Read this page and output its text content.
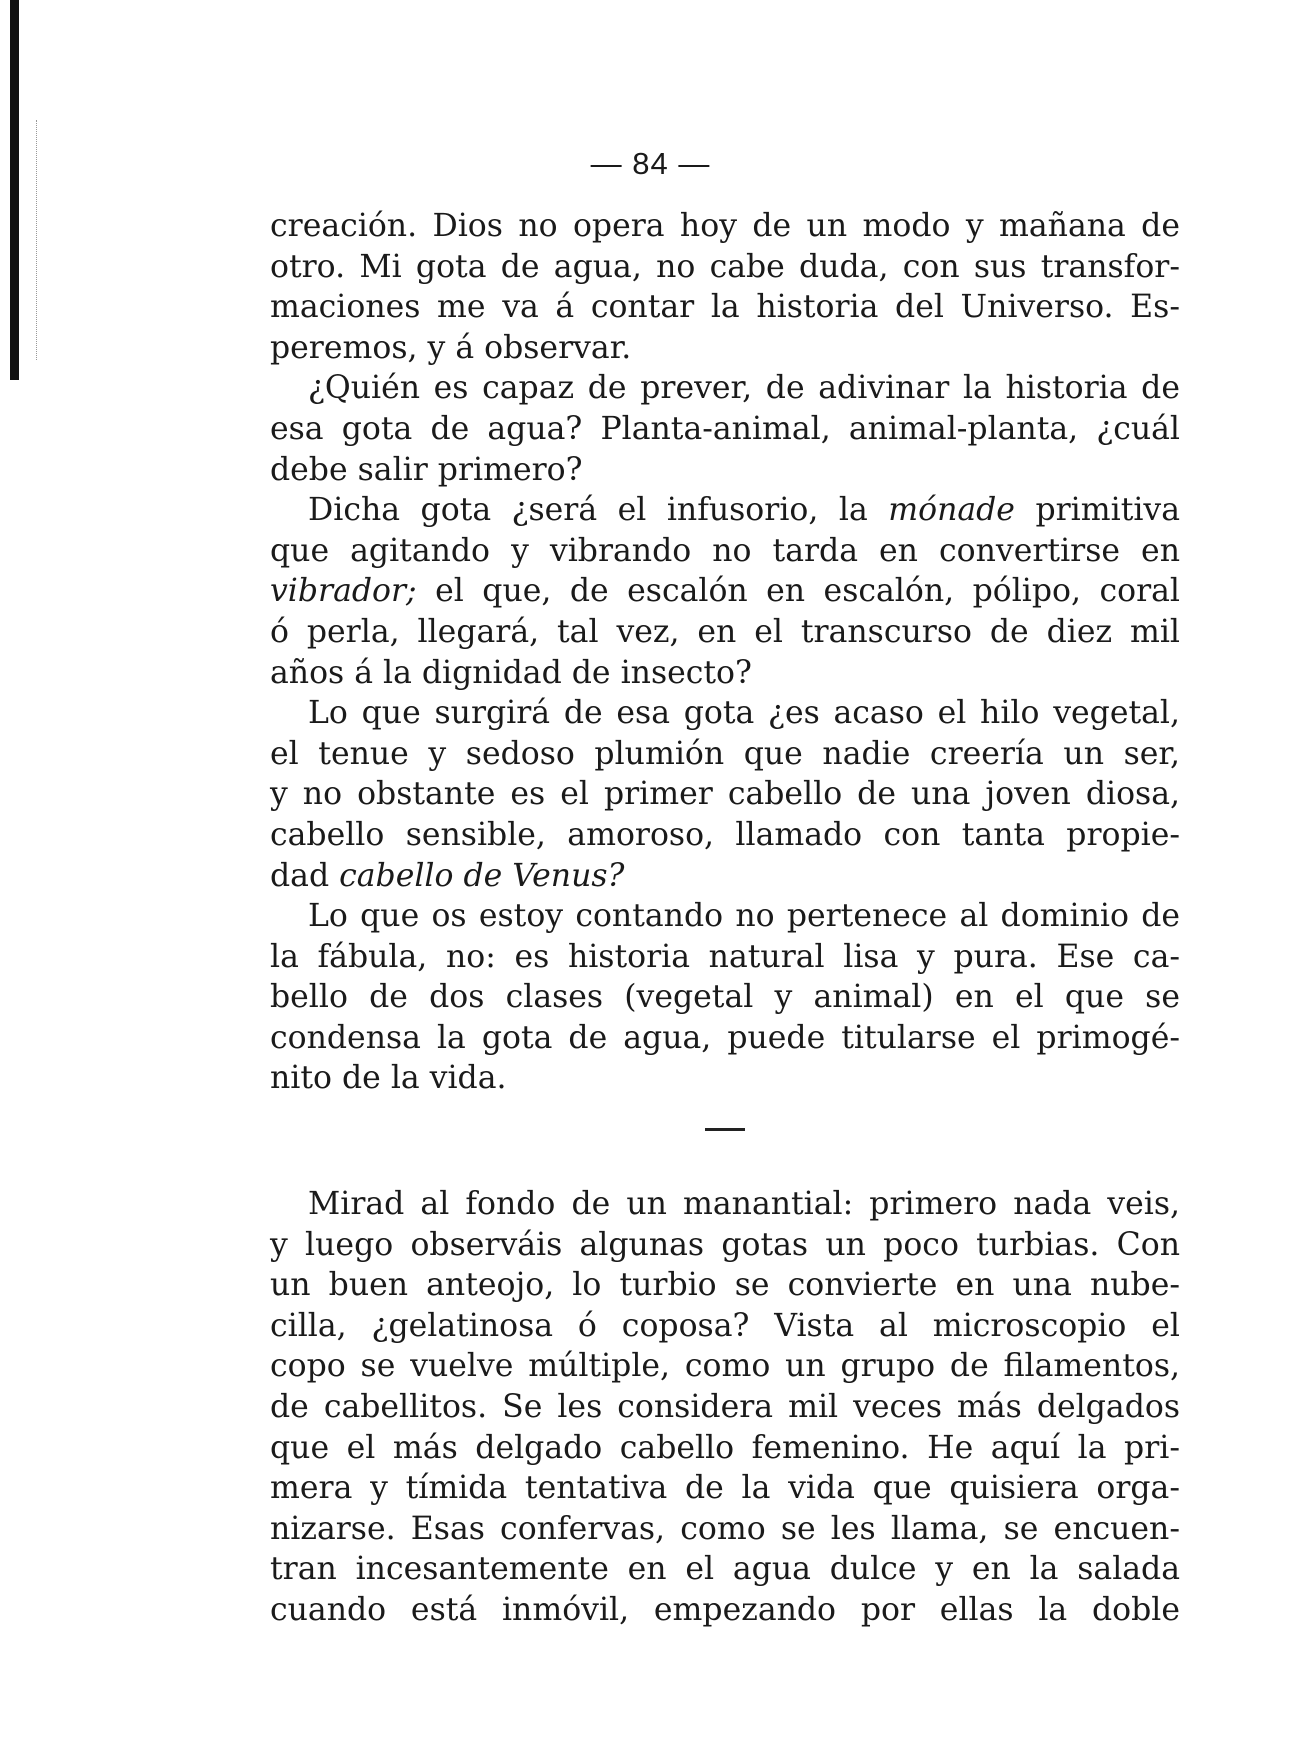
— 84 —
creación. Dios no opera hoy de un modo y mañana de
otro. Mi gota de agua, no cabe duda, con sus transfor-
maciones me va á contar la historia del Universo. Es-
peremos, y á observar.
¿Quién es capaz de prever, de adivinar la historia de
esa gota de agua? Planta-animal, animal-planta, ¿cuál
debe salir primero?
Dicha gota ¿será el infusorio, la mónade primitiva
que agitando y vibrando no tarda en convertirse en
vibrador; el que, de escalón en escalón, pólipo, coral
ó perla, llegará, tal vez, en el transcurso de diez mil
años á la dignidad de insecto?
Lo que surgirá de esa gota ¿es acaso el hilo vegetal,
el tenue y sedoso plumión que nadie creería un ser,
y no obstante es el primer cabello de una joven diosa,
cabello sensible, amoroso, llamado con tanta propie-
dad cabello de Venus?
Lo que os estoy contando no pertenece al dominio de
la fábula, no: es historia natural lisa y pura. Ese ca-
bello de dos clases (vegetal y animal) en el que se
condensa la gota de agua, puede titularse el primogé-
nito de la vida.
Mirad al fondo de un manantial: primero nada veis,
y luego observáis algunas gotas un poco turbias. Con
un buen anteojo, lo turbio se convierte en una nube-
cilla, ¿gelatinosa ó coposa? Vista al microscopio el
copo se vuelve múltiple, como un grupo de filamentos,
de cabellitos. Se les considera mil veces más delgados
que el más delgado cabello femenino. He aquí la pri-
mera y tímida tentativa de la vida que quisiera orga-
nizarse. Esas confervas, como se les llama, se encuen-
tran incesantemente en el agua dulce y en la salada
cuando está inmóvil, empezando por ellas la doble
